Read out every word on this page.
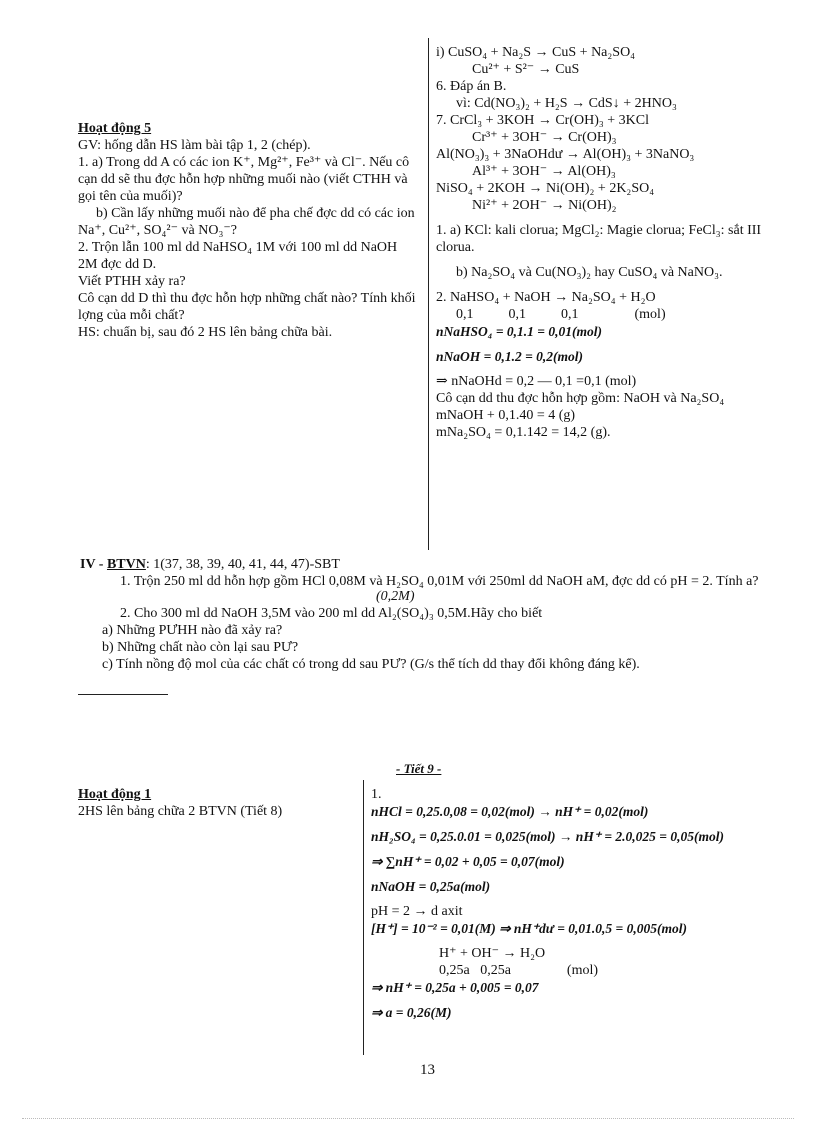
Hoạt động 5
GV: hống dẫn HS làm bài tập 1, 2 (chép).
1. a) Trong dd A có các ion K⁺, Mg²⁺, Fe³⁺ và Cl⁻. Nếu cô cạn dd sẽ thu đợc hỗn hợp những muối nào (viết CTHH và gọi tên của muối)?
b) Cần lấy những muối nào để pha chế đợc dd có các ion Na⁺, Cu²⁺, SO₄²⁻ và NO₃⁻?
2. Trộn lẫn 100 ml dd NaHSO₄ 1M với 100 ml dd NaOH 2M đợc dd D.
Viết PTHH xảy ra?
Cô cạn dd D thì thu đợc hỗn hợp những chất nào? Tính khối lợng của mỗi chất?
HS: chuẩn bị, sau đó 2 HS lên bảng chữa bài.
i) CuSO₄ + Na₂S → CuS + Na₂SO₄
Cu²⁺ + S²⁻ → CuS
6. Đáp án B.
vì: Cd(NO₃)₂ + H₂S → CdS↓ + 2HNO₃
7. CrCl₃ + 3KOH → Cr(OH)₃ + 3KCl
Cr³⁺ + 3OH⁻ → Cr(OH)₃
Al(NO₃)₃ + 3NaOHdư → Al(OH)₃ + 3NaNO₃
Al³⁺ + 3OH⁻ → Al(OH)₃
NiSO₄ + 2KOH → Ni(OH)₂ + 2K₂SO₄
Ni²⁺ + 2OH⁻ → Ni(OH)₂
1. a) KCl: kali clorua; MgCl₂: Magie clorua; FeCl₃: sắt III clorua.
b) Na₂SO₄ và Cu(NO₃)₂ hay CuSO₄ và NaNO₃.
2. NaHSO₄ + NaOH → Na₂SO₄ + H₂O
0,1          0,1          0,1                (mol)
nNaHSO₄ = 0,1.1 = 0,01(mol)
nNaOH = 0,1.2 = 0,2(mol)
⇒ nNaOHd = 0,2 — 0,1 =0,1 (mol)
Cô cạn dd thu đợc hỗn hợp gồm: NaOH và Na₂SO₄
mNaOH + 0,1.40 = 4 (g)
mNa₂SO₄ = 0,1.142 = 14,2 (g).
IV - BTVN: 1(37, 38, 39, 40, 41, 44, 47)-SBT
1. Trộn 250 ml dd hỗn hợp gồm HCl 0,08M và H₂SO₄ 0,01M với 250ml dd NaOH aM, đợc dd có pH = 2. Tính a?
(0,2M)
2. Cho 300 ml dd NaOH 3,5M vào 200 ml dd Al₂(SO₄)₃ 0,5M.Hãy cho biết
a) Những PƯHH nào đã xảy ra?
b) Những chất nào còn lại sau PƯ?
c) Tính nồng độ mol của các chất có trong dd sau PƯ? (G/s thể tích dd thay đổi không đáng kể).
- Tiết 9 -
Hoạt động 1
2HS lên bảng chữa 2 BTVN (Tiết 8)
1.
nHCl = 0,25.0,08 = 0,02(mol) → nH⁺ = 0,02(mol)
nH₂SO₄ = 0,25.0.01 = 0,025(mol) → nH⁺ = 2.0,025 = 0,05(mol)
⇒ ∑nH⁺ = 0,02 + 0,05 = 0,07(mol)
nNaOH = 0,25a(mol)
pH = 2 → d axit
[H⁺] = 10⁻² = 0,01(M) ⇒ nH⁺dư = 0,01.0,5 = 0,005(mol)
H⁺ + OH⁻ → H₂O
0,25a   0,25a                (mol)
⇒ nH⁺ = 0,25a + 0,005 = 0,07
⇒ a = 0,26(M)
13
